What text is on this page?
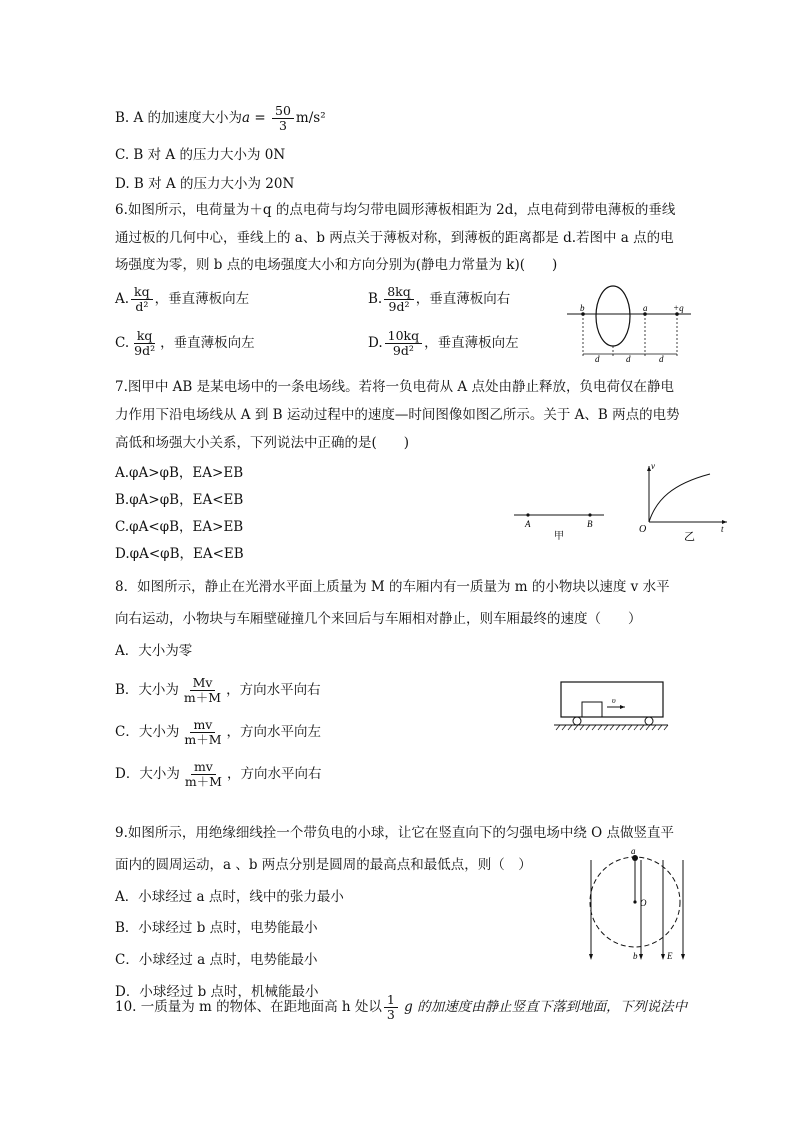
B. A 的加速度大小为$a = \frac{50}{3} m/s^2$
C. B 对 A 的压力大小为 0N
D. B 对 A 的压力大小为 20N
6.如图所示，电荷量为＋q 的点电荷与均匀带电圆形薄板相距为 2d，点电荷到带电薄板的垂线
通过板的几何中心，垂线上的 a、b 两点关于薄板对称，到薄板的距离都是 d.若图中 a 点的电
场强度为零，则 b 点的电场强度大小和方向分别为(静电力常量为 k)(　　)
A. $\frac{kq}{\text{d²}}$ ，垂直薄板向左	B. $\frac{8kq}{\text{9d²}}$ ，垂直薄板向右
C. $\frac{kq}{\text{9d²}}$ ，垂直薄板向左	D. $\frac{10kq}{\text{9d²}}$ ，垂直薄板向左
b	a	+q
d	d	d
7.图甲中 AB 是某电场中的一条电场线。若将一负电荷从 A 点处由静止释放，负电荷仅在静电
力作用下沿电场线从 A 到 B 运动过程中的速度—时间图像如图乙所示。关于 A、B 两点的电势
高低和场强大小关系，下列说法中正确的是(　　)
A.φA>φB，EA>EB
B.φA>φB，EA<EB
C.φA<φB，EA>EB
D.φA<φB，EA<EB
A	B
甲
O
v
t
乙
8．如图所示，静止在光滑水平面上质量为 M 的车厢内有一质量为 m 的小物块以速度 v 水平
向右运动，小物块与车厢壁碰撞几个来回后与车厢相对静止，则车厢最终的速度（　　）
A．大小为零
B．大小为 $\frac{Mv}{m+M}$ ，方向水平向右
C．大小为 $\frac{mv}{m+M}$ ，方向水平向左
D．大小为 $\frac{mv}{m+M}$ ，方向水平向右
υ
9.如图所示，用绝缘细线拴一个带负电的小球，让它在竖直向下的匀强电场中绕 O 点做竖直平
面内的圆周运动，a 、b 两点分别是圆周的最高点和最低点，则（　）
A．小球经过 a 点时，线中的张力最小
B．小球经过 b 点时，电势能最小
C．小球经过 a 点时，电势能最小
D．小球经过 b 点时，机械能最小
a
O
b	E
10. 一质量为 m 的物体、在距地面高 h 处以 $\frac{1}{3}$ g 的加速度由静止竖直下落到地面，下列说法中
